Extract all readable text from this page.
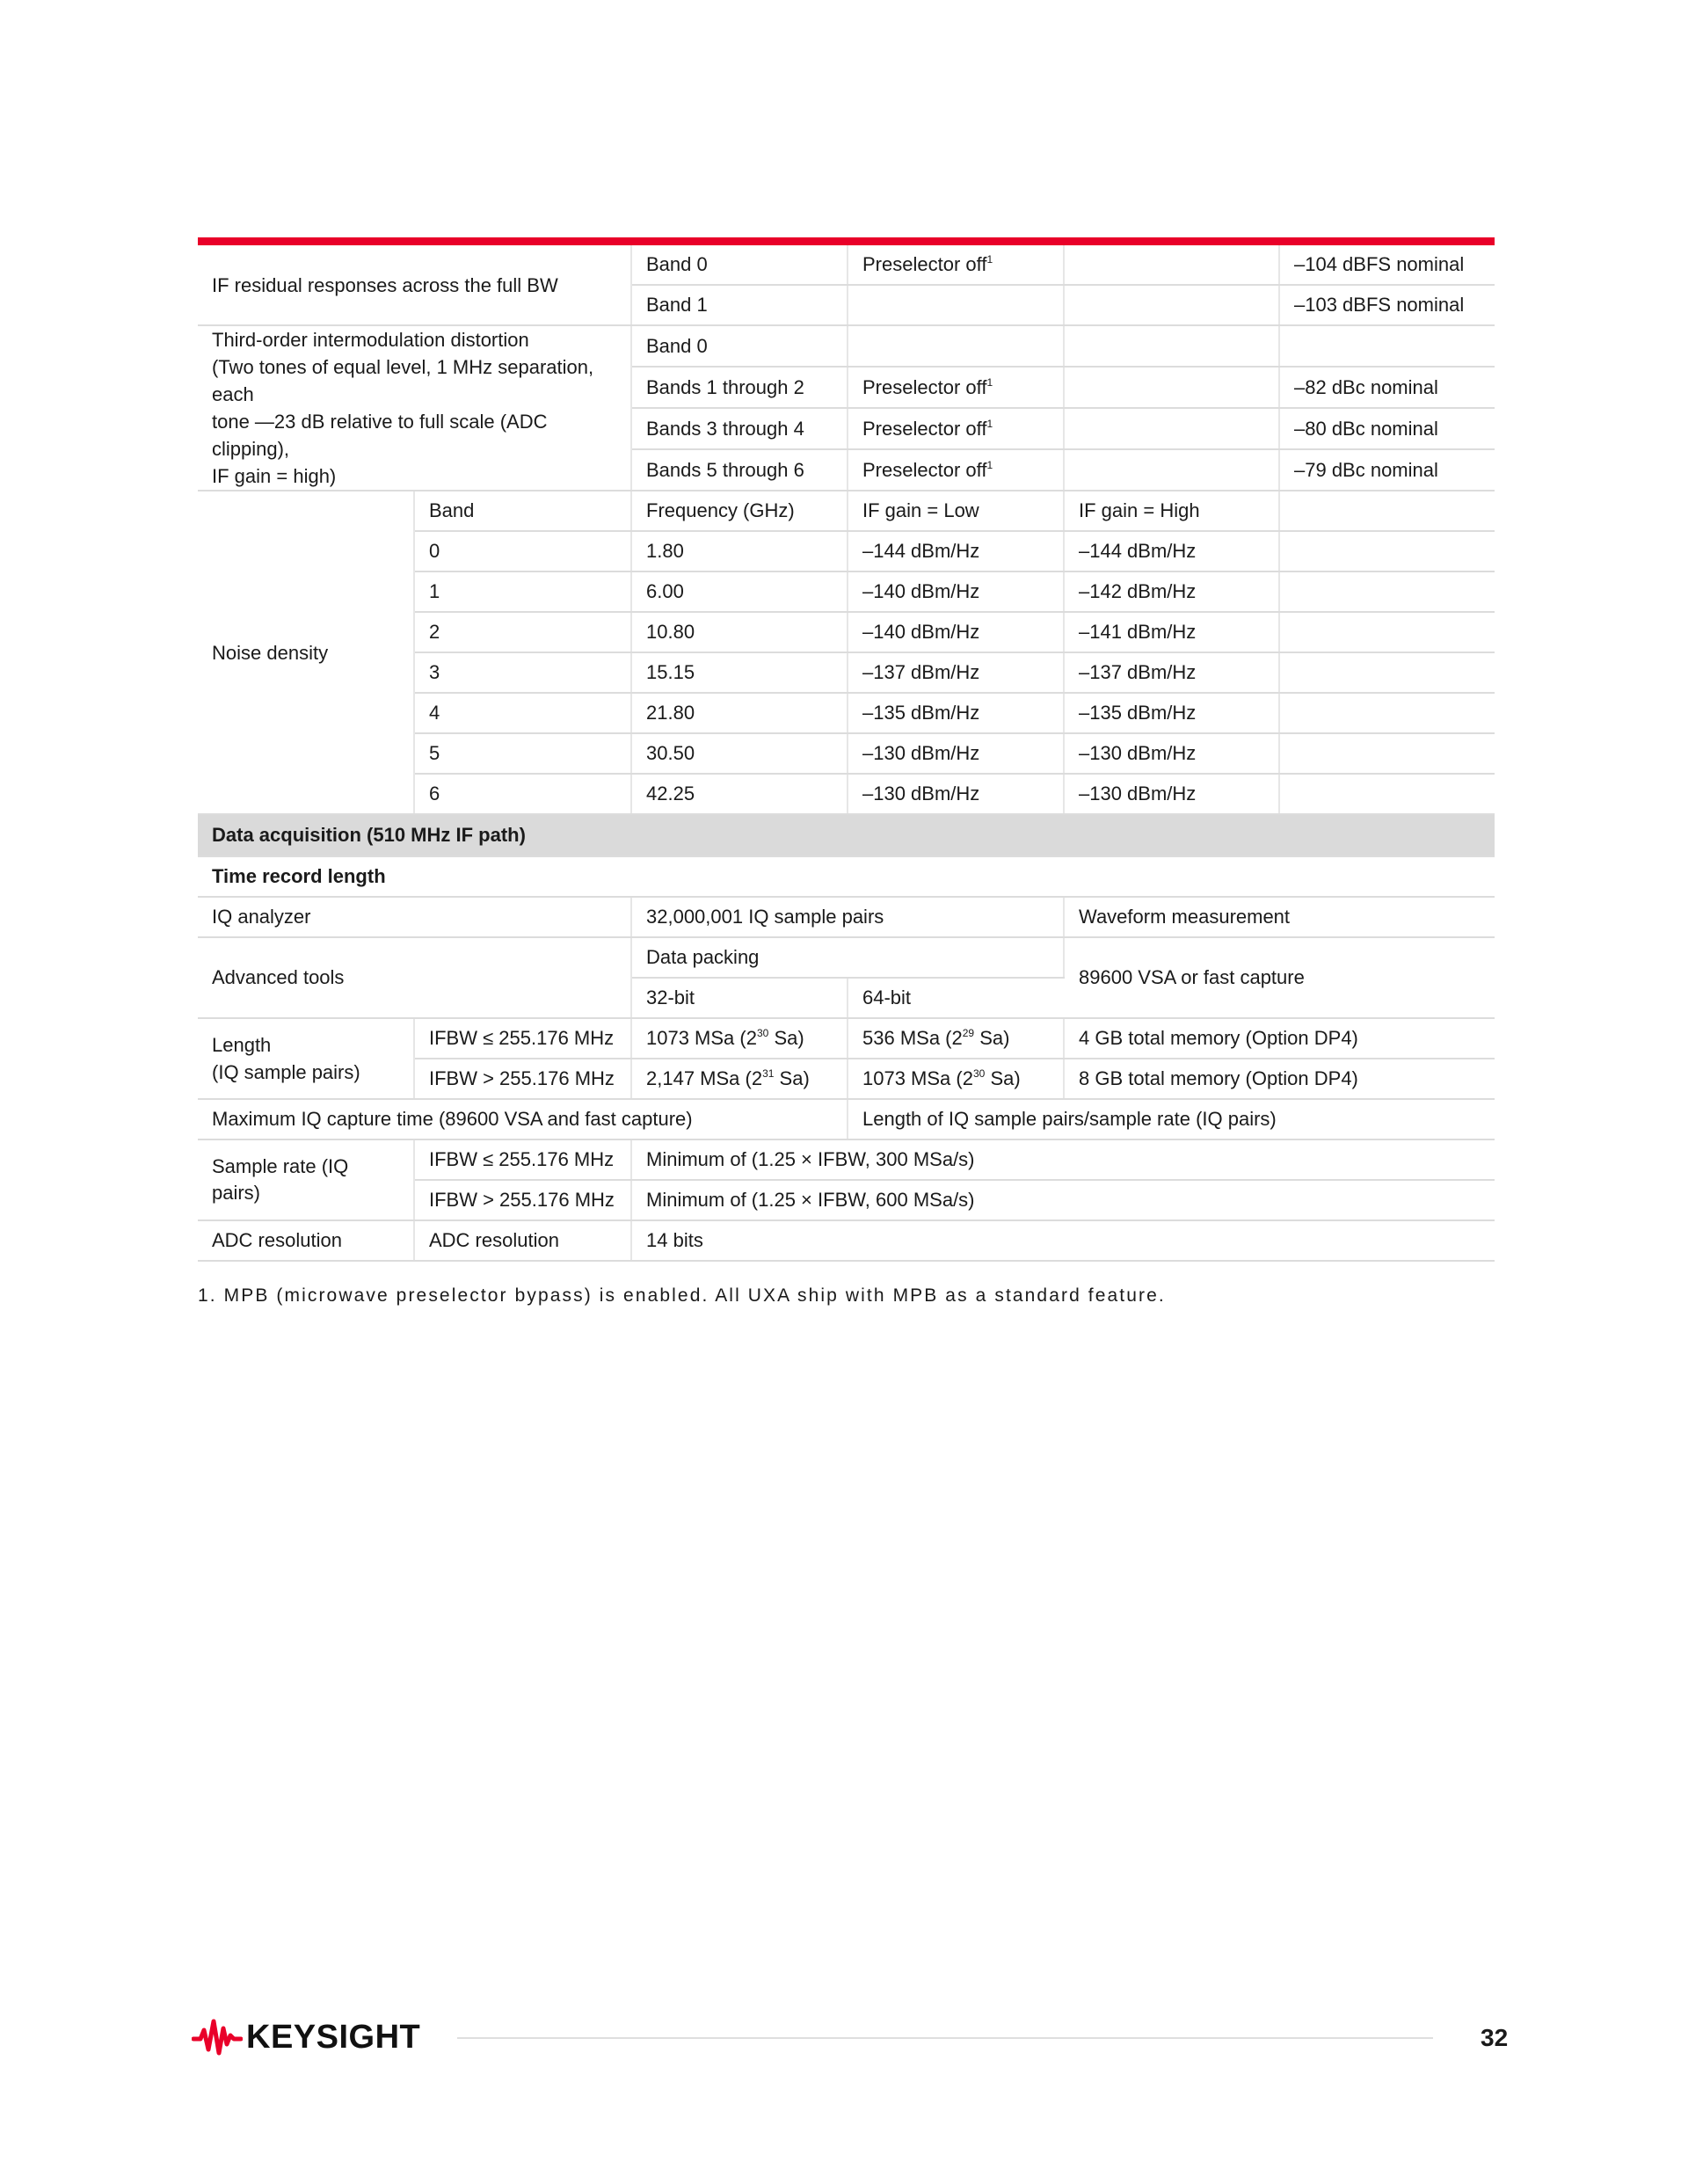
IF residual responses across the full BW		Band 0	Preselector off$^1$		–104 dBFS nominal
		Band 1			–103 dBFS nominal
Third-order intermodulation distortion
(Two tones of equal level, 1 MHz separation, each
tone —23 dB relative to full scale (ADC clipping),
IF gain = high)		Band 0			
		Bands 1 through 2	Preselector off$^1$		–82 dBc nominal
		Bands 3 through 4	Preselector off$^1$		–80 dBc nominal
		Bands 5 through 6	Preselector off$^1$		–79 dBc nominal
Noise density	Band	Frequency (GHz)	IF gain = Low	IF gain = High	
	0	1.80	–144 dBm/Hz	–144 dBm/Hz	
	1	6.00	–140 dBm/Hz	–142 dBm/Hz	
	2	10.80	–140 dBm/Hz	–141 dBm/Hz	
	3	15.15	–137 dBm/Hz	–137 dBm/Hz	
	4	21.80	–135 dBm/Hz	–135 dBm/Hz	
	5	30.50	–130 dBm/Hz	–130 dBm/Hz	
	6	42.25	–130 dBm/Hz	–130 dBm/Hz	
Data acquisition (510 MHz IF path)					
Time record length					
IQ analyzer		32,000,001 IQ sample pairs		Waveform measurement	
Advanced tools		Data packing		89600 VSA or fast capture	
		32-bit	64-bit		
Length
(IQ sample pairs)	IFBW ≤ 255.176 MHz	1073 MSa ($2^{30}$ Sa)	536 MSa ($2^{29}$ Sa)	4 GB total memory (Option DP4)	
	IFBW > 255.176 MHz	2,147 MSa ($2^{31}$ Sa)	1073 MSa ($2^{30}$ Sa)	8 GB total memory (Option DP4)	
Maximum IQ capture time (89600 VSA and fast capture)			Length of IQ sample pairs/sample rate (IQ pairs)		
Sample rate (IQ pairs)	IFBW ≤ 255.176 MHz	Minimum of (1.25 × IFBW, 300 MSa/s)			
	IFBW > 255.176 MHz	Minimum of (1.25 × IFBW, 600 MSa/s)			
ADC resolution	ADC resolution	14 bits			
1. MPB (microwave preselector bypass) is enabled. All UXA ship with MPB as a standard feature.
KEYSIGHT	32
